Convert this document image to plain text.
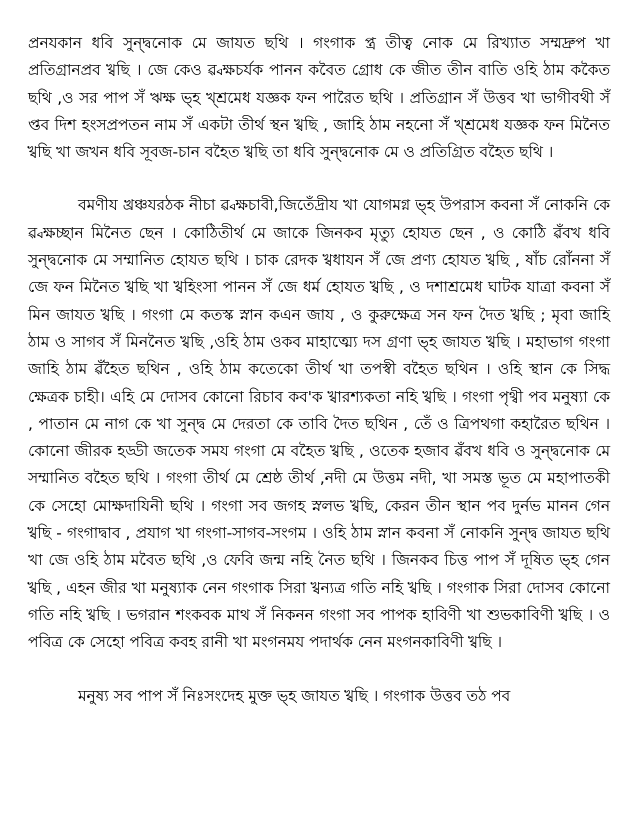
প্রনযকান ধবি সুন্দ্বনোক মে জাযত ছথি । গংগাক প্ত্র তীত্ব নোক মে রিখ্যাত সম্মদ্রুপ খা প্রতিগ্রানপ্রব খ্বছি । জে কেও ৱ্বক্ষচর্যক পানন কবৈত গ্রোধ কে জীত তীন বাতি ওহি ঠাম ককৈত ছথি ,ও সর পাপ সঁ ঋক্ষ ভ্হ খ্শ্রমেধ যজ্ঞক ফন পারৈত ছথি । প্রতিগ্রান সঁ উত্তব খা ভাগীবথী সঁ প্তব দিশ হংসপ্রপতন নাম সঁ একটা তীর্থ স্থন খ্বছি , জাহি ঠাম নহনো সঁ খ্শ্রমেধ যজ্ঞক ফন মিনৈত খ্বছি খা জখন ধবি সূবজ-চান বহৈত খ্বছি তা ধবি সুন্দ্বনোক মে ও প্রতিগ্রিত বহৈত ছথি ।

বমণীয খ্রঞ্চযরঠক নীচা ৱ্বক্ষচাবী,জিতেঁদ্রীয খা যোগমগ্ন ভ্হ উপরাস কবনা সঁ নোকনি কে ৱ্বক্ষচ্ছান মিনৈত ছেন । কোঠিতীর্থ মে জাকে জিনকব মৃত্যু হোযত ছেন , ও কোঠি ৱঁবখ ধবি সুন্দ্বনোক মে সম্মানিত হোযত ছথি । চাক রেদক খ্বধাযন সঁ জে প্রণ্য হোযত খ্বছি , ষাঁচ রোঁননা সঁ জে ফন মিনৈত খ্বছি খা খ্বহিংসা পানন সঁ জে ধর্ম হোযত খ্বছি , ও দশাশ্রমেধ ঘাটক যাত্রা কবনা সঁ মিন জাযত খ্বছি । গংগা মে কতস্ক স্নান কএন জায , ও কুরুক্ষেত্র সন ফন দৈত খ্বছি ; মৃবা জাহি ঠাম ও সাগব সঁ মিননৈত খ্বছি ,ওহি ঠাম ওকব মাহাত্ম্যে দস গ্রণা ভ্হ জাযত খ্বছি । মহাভাগ গংগা জাহি ঠাম ৱঁহৈত ছথিন , ওহি ঠাম কতেকো তীর্থ খা তপস্বী বহৈত ছথিন । ওহি স্থান কে সিদ্ধ ক্ষেত্রক চাহী। এহি মে দোসব কোনো রিচাব কব'ক খ্বারশ্যকতা নহি খ্বছি । গংগা পৃথ্বী পব মনুষ্যা কে , পাতান মে নাগ কে খা সুন্দ্ব মে দেরতা কে তাবি দৈত ছথিন , তেঁ ও ত্রিপথগা কহারৈত ছথিন । কোনো জীরক হড্ডী জতেক সময গংগা মে বহৈত খ্বছি , ওতেক হজাব ৱঁবখ ধবি ও সুন্দ্বনোক মে সম্মানিত বহৈত ছথি । গংগা তীর্থ মে শ্রেষ্ঠ তীর্থ ,নদী মে উত্তম নদী, খা সমস্ত ভূত মে মহাপাতকী কে সেহো মোক্ষদাযিনী ছথি । গংগা সব জগহ স্নলভ খ্বছি, কেরন তীন স্থান পব দুর্নভ মানন গেন খ্বছি - গংগাদ্বাব , প্রযাগ খা গংগা-সাগব-সংগম । ওহি ঠাম স্নান কবনা সঁ নোকনি সুন্দ্ব জাযত ছথি খা জে ওহি ঠাম মবৈত ছথি ,ও ফেবি জন্ম নহি নৈত ছথি । জিনকব চিত্ত পাপ সঁ দূষিত ভ্হ গেন খ্বছি , এহন জীর খা মনুষ্যাক নেন গংগাক সিরা খ্বন্যত্র গতি নহি খ্বছি । গংগাক সিরা দোসব কোনো গতি নহি খ্বছি । ভগরান শংকবক মাথ সঁ নিকনন গংগা সব পাপক হাবিণী খা শুভকাবিণী খ্বছি । ও পবিত্র কে সেহো পবিত্র কবহ রানী খা মংগনময পদার্থক নেন মংগনকাবিণী খ্বছি ।

মনুষ্য সব পাপ সঁ নিঃসংদেহ মুক্ত ভ্হ জাযত খ্বছি । গংগাক উত্তব তঠ পব
